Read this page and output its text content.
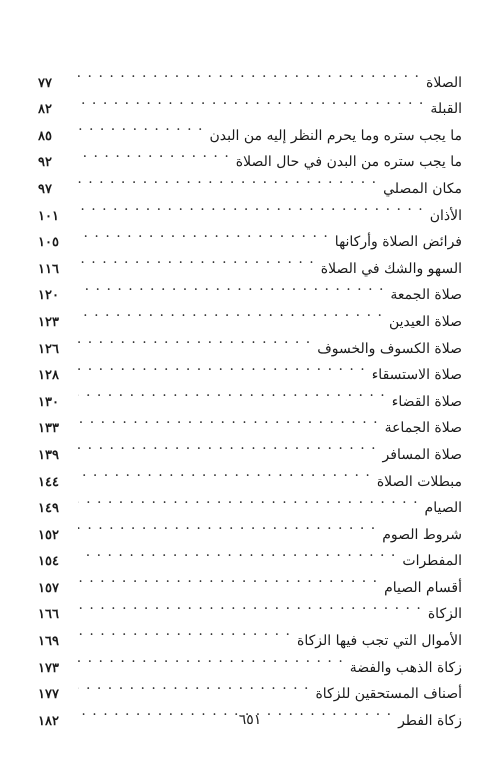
الصلاة
. . .
٧٧
القبلة
. . .
٨٢
ما يجب ستره وما يحرم النظر إليه من البدن
. . .
٨٥
ما يجب ستره من البدن في حال الصلاة
. . .
٩٢
مكان المصلي
. . .
٩٧
الأذان
. . .
١٠١
فرائض الصلاة وأركانها
. . .
١٠٥
السهو والشك في الصلاة
. . .
١١٦
صلاة الجمعة
. . .
١٢٠
صلاة العيدين
. . .
١٢٣
صلاة الكسوف والخسوف
. . .
١٢٦
صلاة الاستسقاء
. . .
١٢٨
صلاة القضاء
. . .
١٣٠
صلاة الجماعة
. . .
١٣٣
صلاة المسافر
. . .
١٣٩
مبطلات الصلاة
. . .
١٤٤
الصيام
. . .
١٤٩
شروط الصوم
. . .
١٥٢
المفطرات
. . .
١٥٤
أقسام الصيام
. . .
١٥٧
الزكاة
. . .
١٦٦
الأموال التي تجب فيها الزكاة
. . .
١٦٩
زكاة الذهب والفضة
. . .
١٧٣
أصناف المستحقين للزكاة
. . .
١٧٧
زكاة الفطر
. . .
١٨٢	٦٥١
